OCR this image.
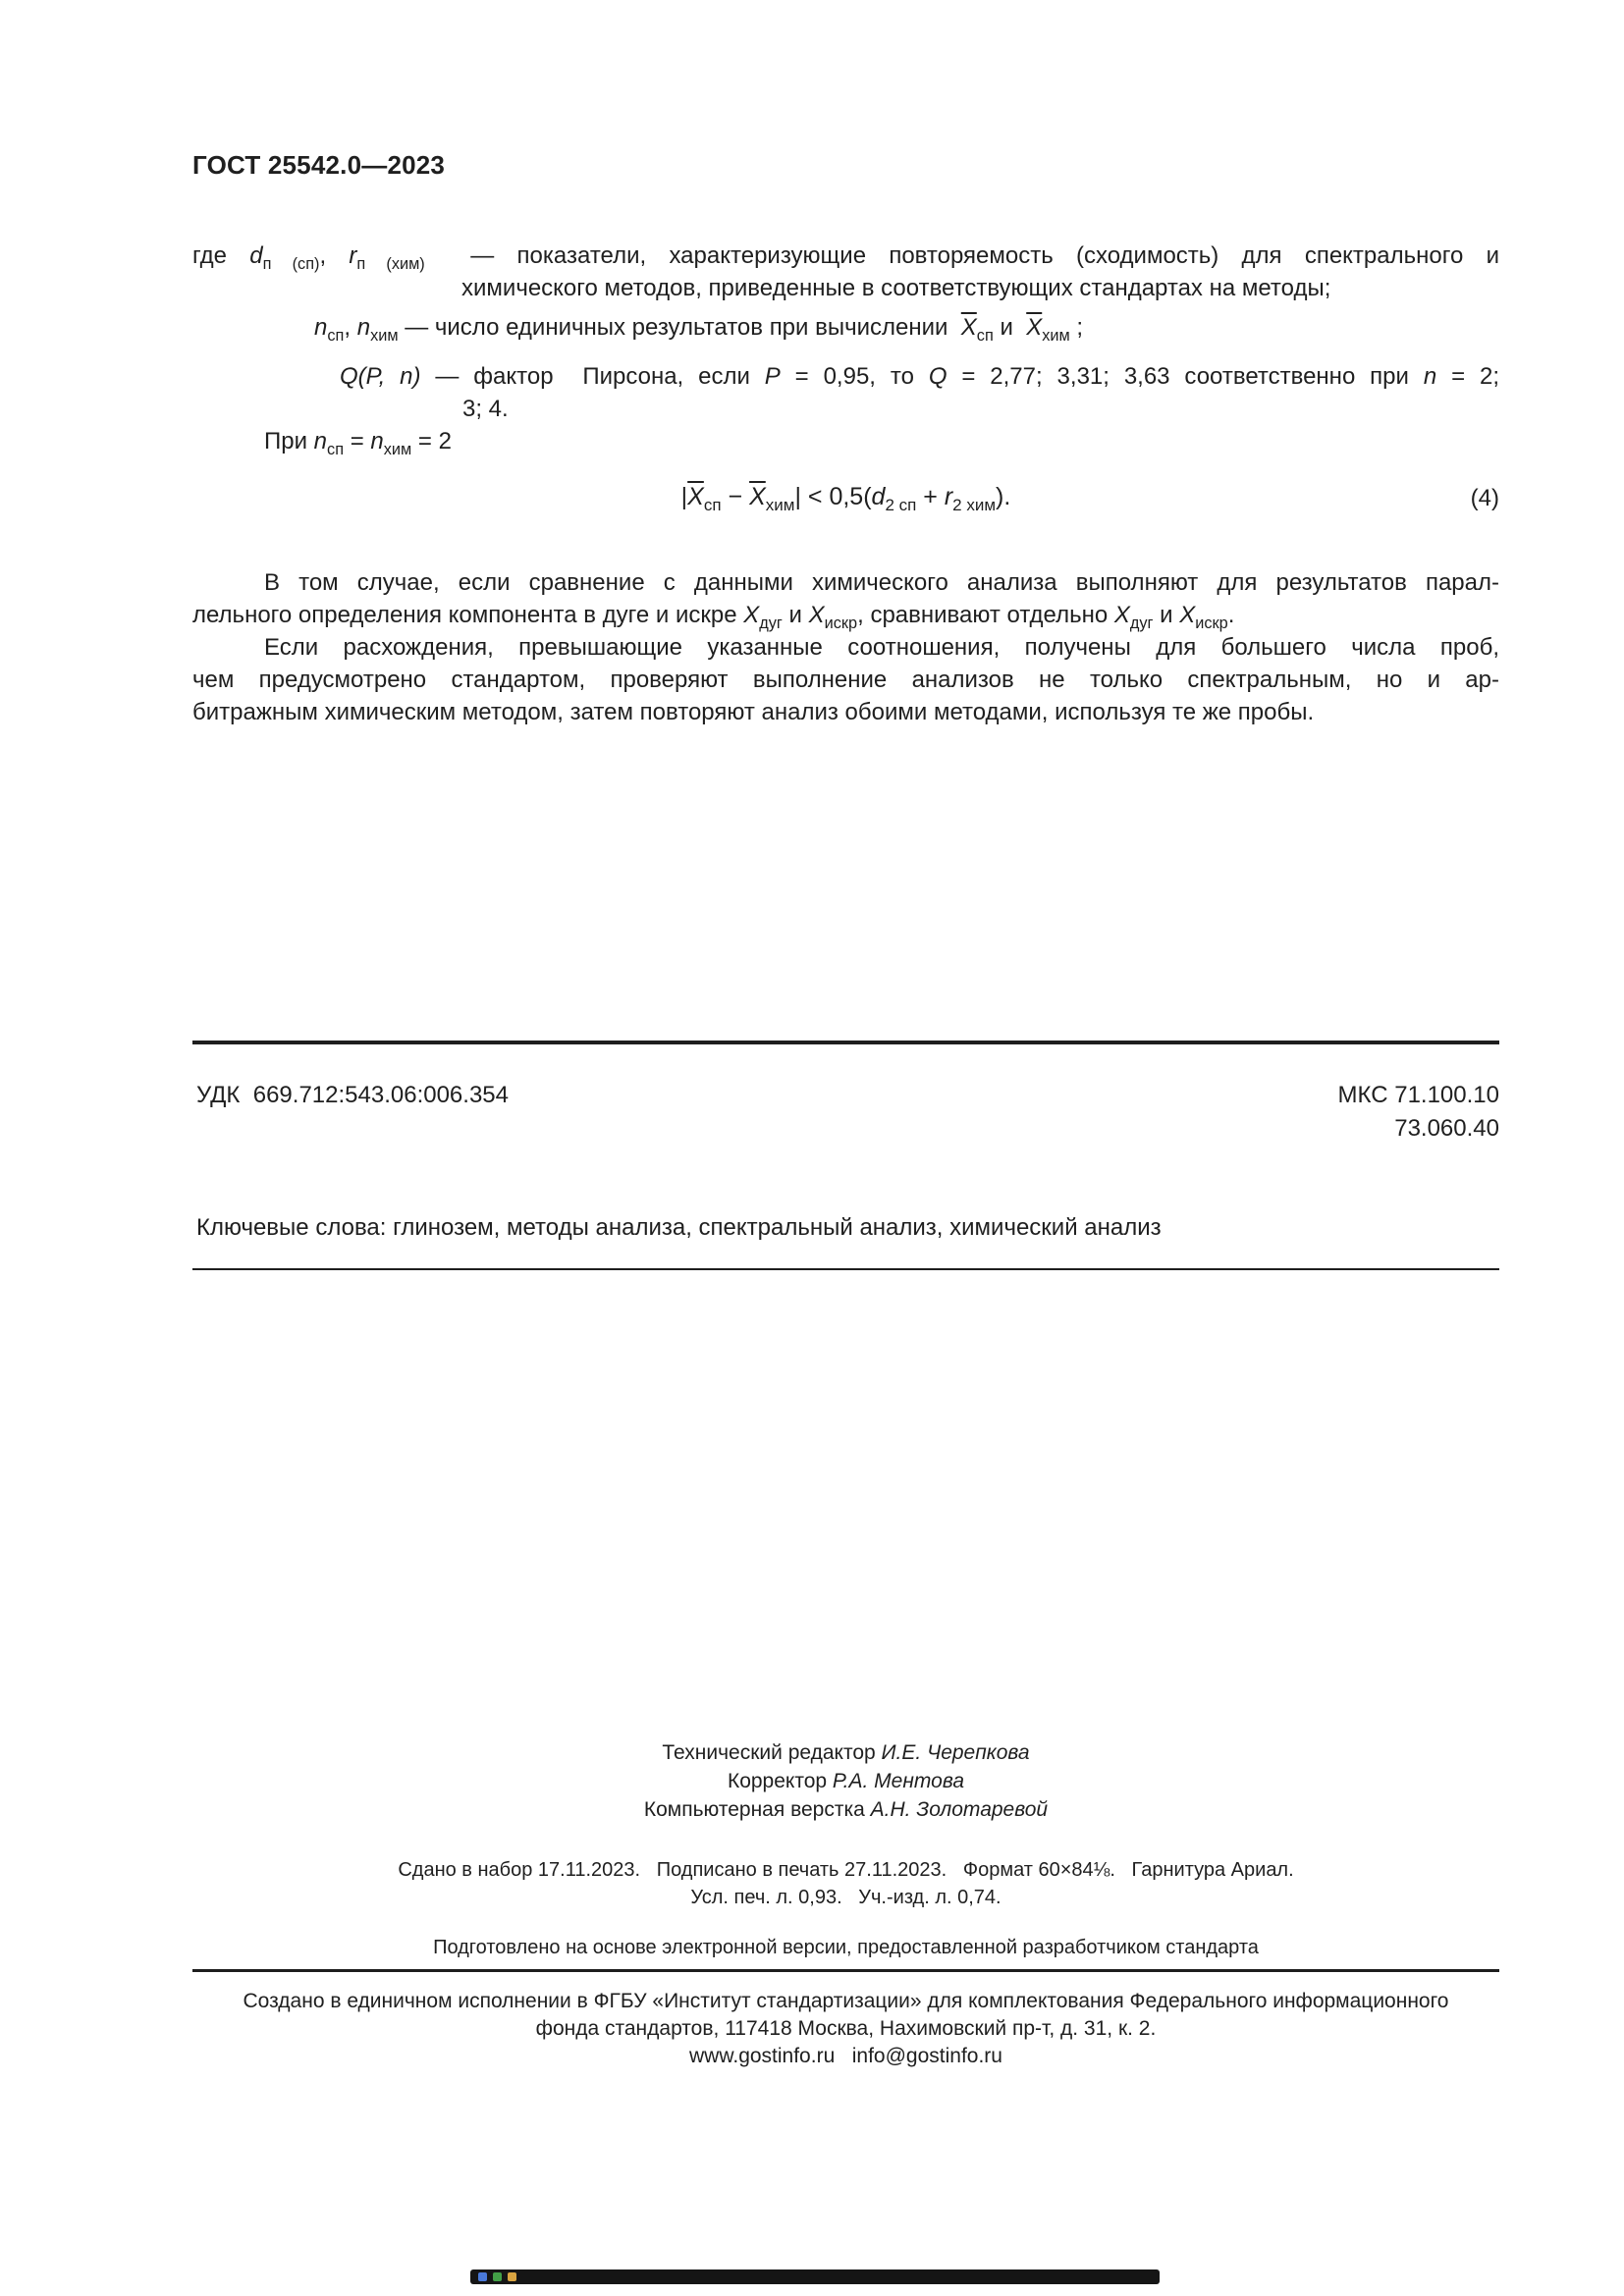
ГОСТ 25542.0—2023
где $d_{п (сп)}$, $r_{п (хим)}$  — показатели, характеризующие повторяемость (сходимость) для спектрального и
химического методов, приведенные в соответствующих стандартах на методы;
$n_{сп}$, $n_{хим}$ — число единичных результатов при вычислении  $\overline{X}_{сп}$ и  $\overline{X}_{хим}$ ;
Q(P, n) — фактор  Пирсона, если P = 0,95, то Q = 2,77; 3,31; 3,63 соответственно при n = 2;
3; 4.
При $n_{сп} = n_{хим} = 2$
$|\overline{X}_{сп} - \overline{X}_{хим}| < 0,5(d_{2 сп} + r_{2 хим})$.	(4)
В том случае, если сравнение с данными химического анализа выполняют для результатов парал-
лельного определения компонента в дуге и искре $X_{дуг}$ и $X_{искр}$, сравнивают отдельно $X_{дуг}$ и $X_{искр}$.
Если расхождения, превышающие указанные соотношения, получены для большего числа проб,
чем предусмотрено стандартом, проверяют выполнение анализов не только спектральным, но и ар-
битражным химическим методом, затем повторяют анализ обоими методами, используя те же пробы.
УДК  669.712:543.06:006.354	МКС 71.100.10
73.060.40
Ключевые слова: глинозем, методы анализа, спектральный анализ, химический анализ
Технический редактор И.Е. Черепкова
Корректор Р.А. Ментова
Компьютерная верстка А.Н. Золотаревой
Сдано в набор 17.11.2023.   Подписано в печать 27.11.2023.   Формат 60×84⅛.   Гарнитура Ариал.
Усл. печ. л. 0,93.   Уч.-изд. л. 0,74.
Подготовлено на основе электронной версии, предоставленной разработчиком стандарта
Создано в единичном исполнении в ФГБУ «Институт стандартизации» для комплектования Федерального информационного
фонда стандартов, 117418 Москва, Нахимовский пр-т, д. 31, к. 2.
www.gostinfo.ru   info@gostinfo.ru
